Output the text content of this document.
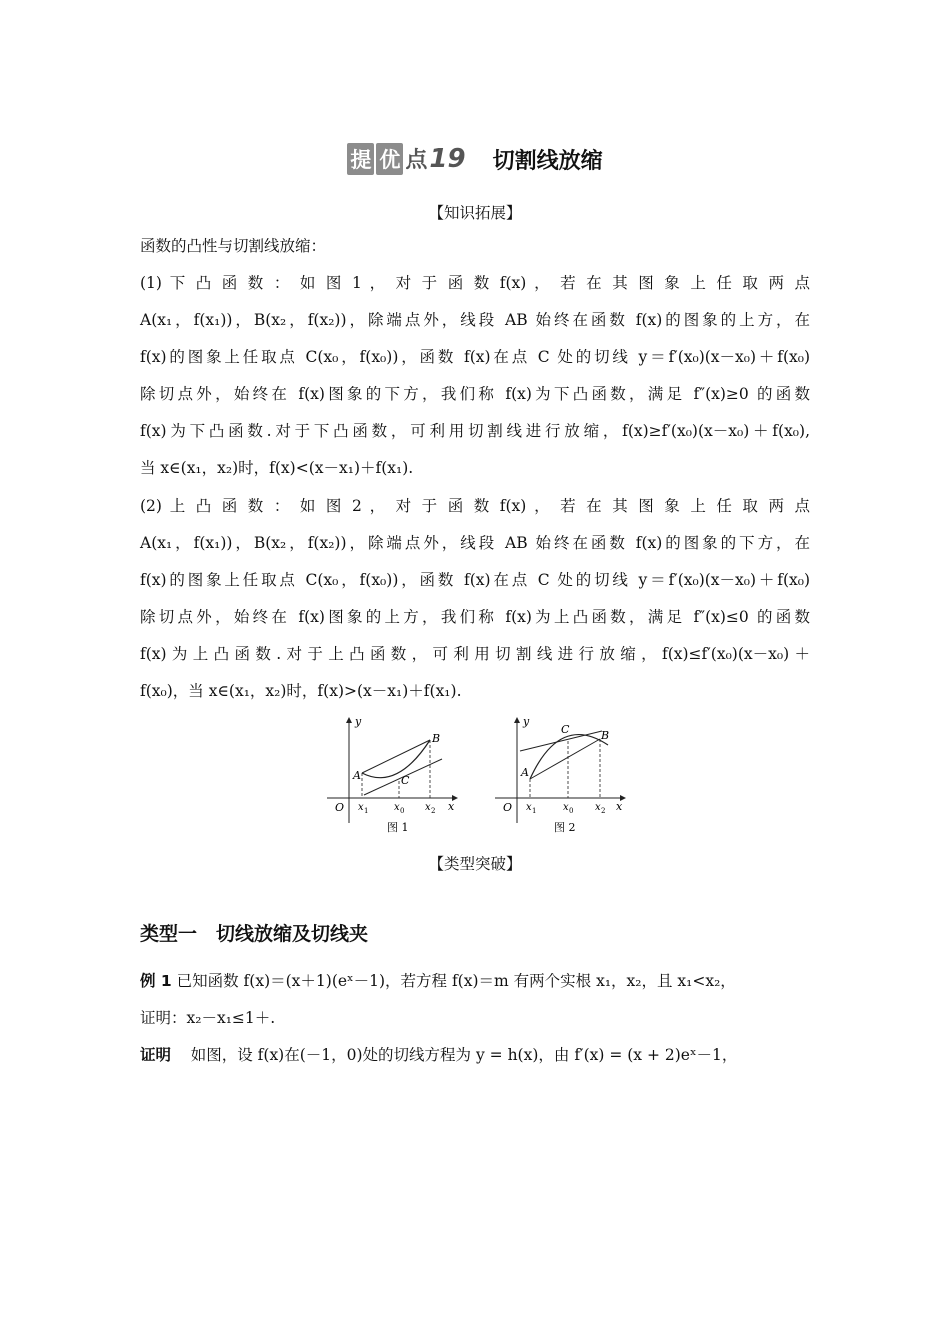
提 优 点19 切割线放缩
【知识拓展】
函数的凸性与切割线放缩：
(1) 下 凸 函 数 ： 如 图 1 ， 对 于 函 数 f(x) ， 若 在 其 图 象 上 任 取 两 点
A(x₁，f(x₁))，B(x₂，f(x₂))，除端点外，线段 AB 始终在函数 f(x)的图象的上方，在
f(x)的图象上任取点 C(x₀，f(x₀))，函数 f(x)在点 C 处的切线 y＝f′(x₀)(x－x₀)＋f(x₀)
除切点外，始终在 f(x)图象的下方，我们称 f(x)为下凸函数，满足 f″(x)≥0 的函数
f(x)为下凸函数.对于下凸函数，可利用切割线进行放缩，f(x)≥f′(x₀)(x－x₀)＋f(x₀),
当 x∈(x₁，x₂)时，f(x)<(x－x₁)＋f(x₁).
(2) 上 凸 函 数 ： 如 图 2 ， 对 于 函 数 f(x) ， 若 在 其 图 象 上 任 取 两 点
A(x₁，f(x₁))，B(x₂，f(x₂))，除端点外，线段 AB 始终在函数 f(x)的图象的下方，在
f(x)的图象上任取点 C(x₀，f(x₀))，函数 f(x)在点 C 处的切线 y＝f′(x₀)(x－x₀)＋f(x₀)
除切点外，始终在 f(x)图象的上方，我们称 f(x)为上凸函数，满足 f″(x)≤0 的函数
f(x)为上凸函数.对于上凸函数，可利用切割线进行放缩，f(x)≤f′(x₀)(x－x₀)＋
f(x₀)，当 x∈(x₁，x₂)时，f(x)>(x－x₁)＋f(x₁).
y
x
O
A
B
C
x 1	x 0 x 2
图 1
y
x
O
A
B
C
x 1	x 0 x 2
图 2
【类型突破】
类型一　切线放缩及切线夹
例 1 已知函数 f(x)＝(x＋1)(eˣ－1)，若方程 f(x)＝m 有两个实根 x₁，x₂，且 x₁<x₂，
证明：x₂－x₁≤1＋.
证明 如图，设 f(x)在(－1，0)处的切线方程为 y = h(x)，由 f′(x) = (x + 2)eˣ－1，
